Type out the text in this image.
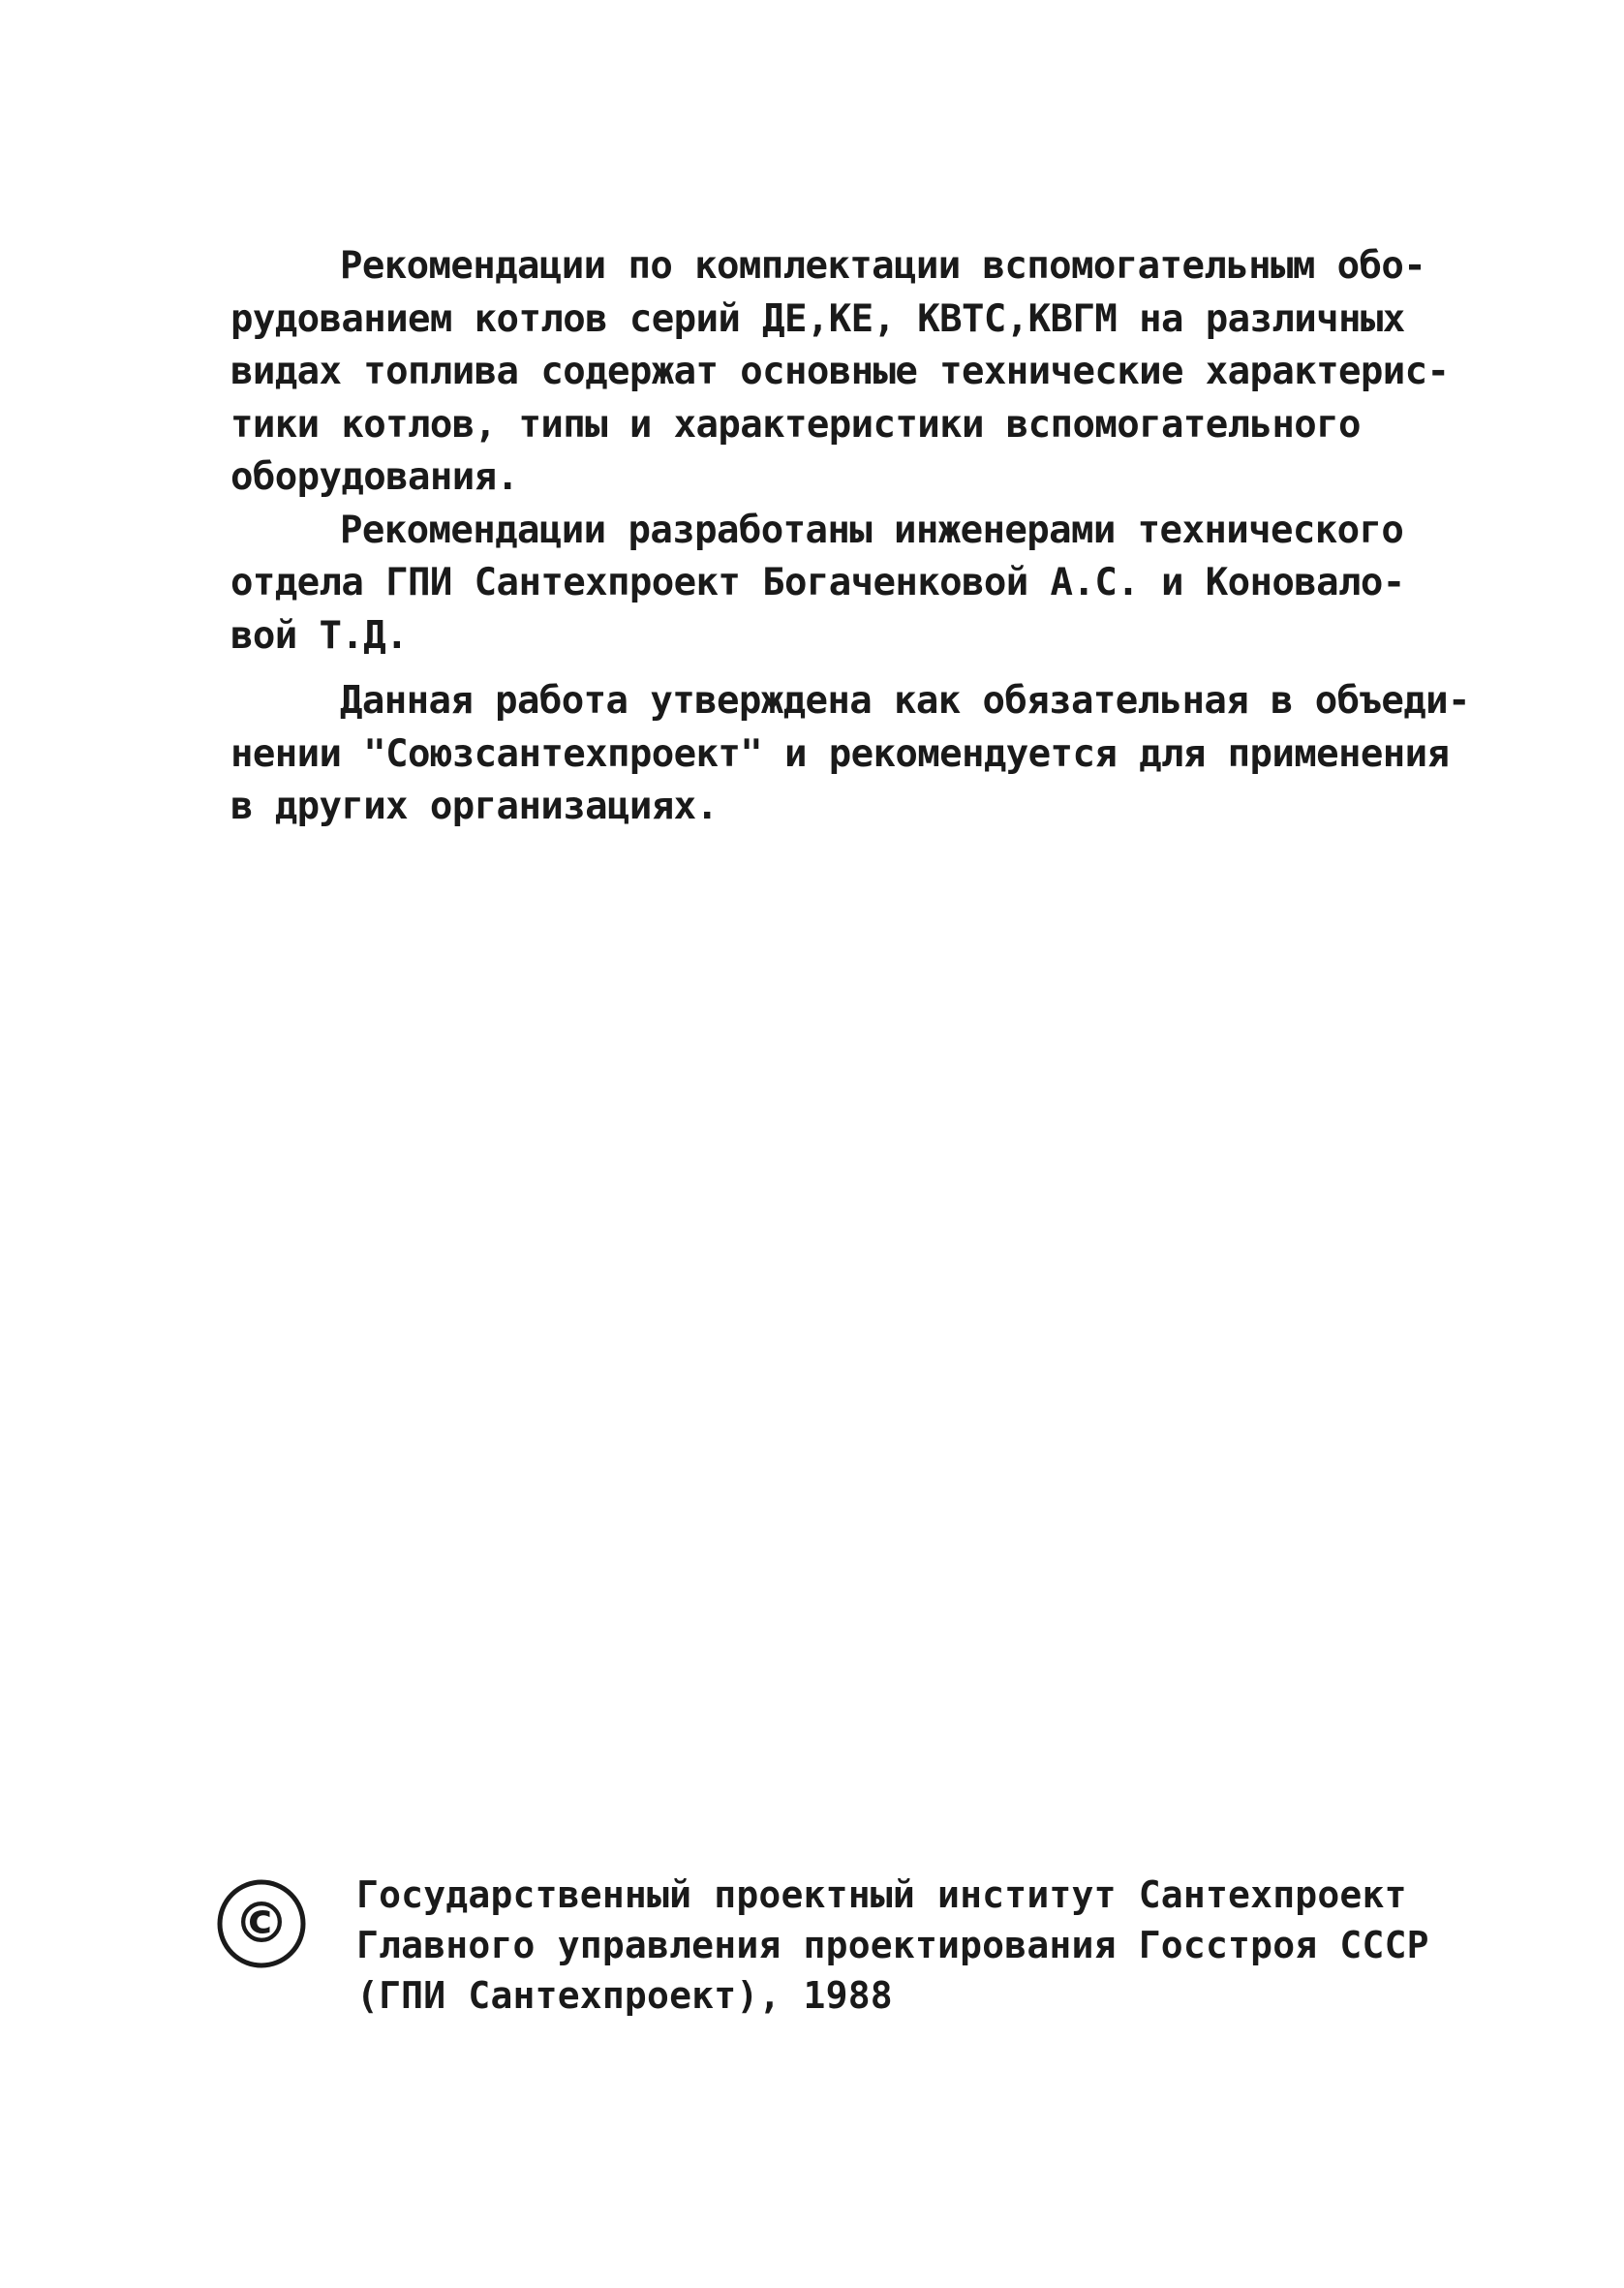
Рекомендации по комплектации вспомогательным обо-
рудованием котлов серий ДЕ,КЕ, КВТС,КВГМ на различных
видах топлива содержат основные технические характерис-
тики котлов, типы и характеристики вспомогательного
оборудования.
Рекомендации разработаны инженерами технического
отдела ГПИ Сантехпроект Богаченковой А.С. и Коновало-
вой Т.Д.
Данная работа утверждена как обязательная в объеди-
нении "Союзсантехпроект" и рекомендуется для применения
в других организациях.
© Государственный проектный институт Сантехпроект
Главного управления проектирования Госстроя СССР
(ГПИ Сантехпроект), 1988
